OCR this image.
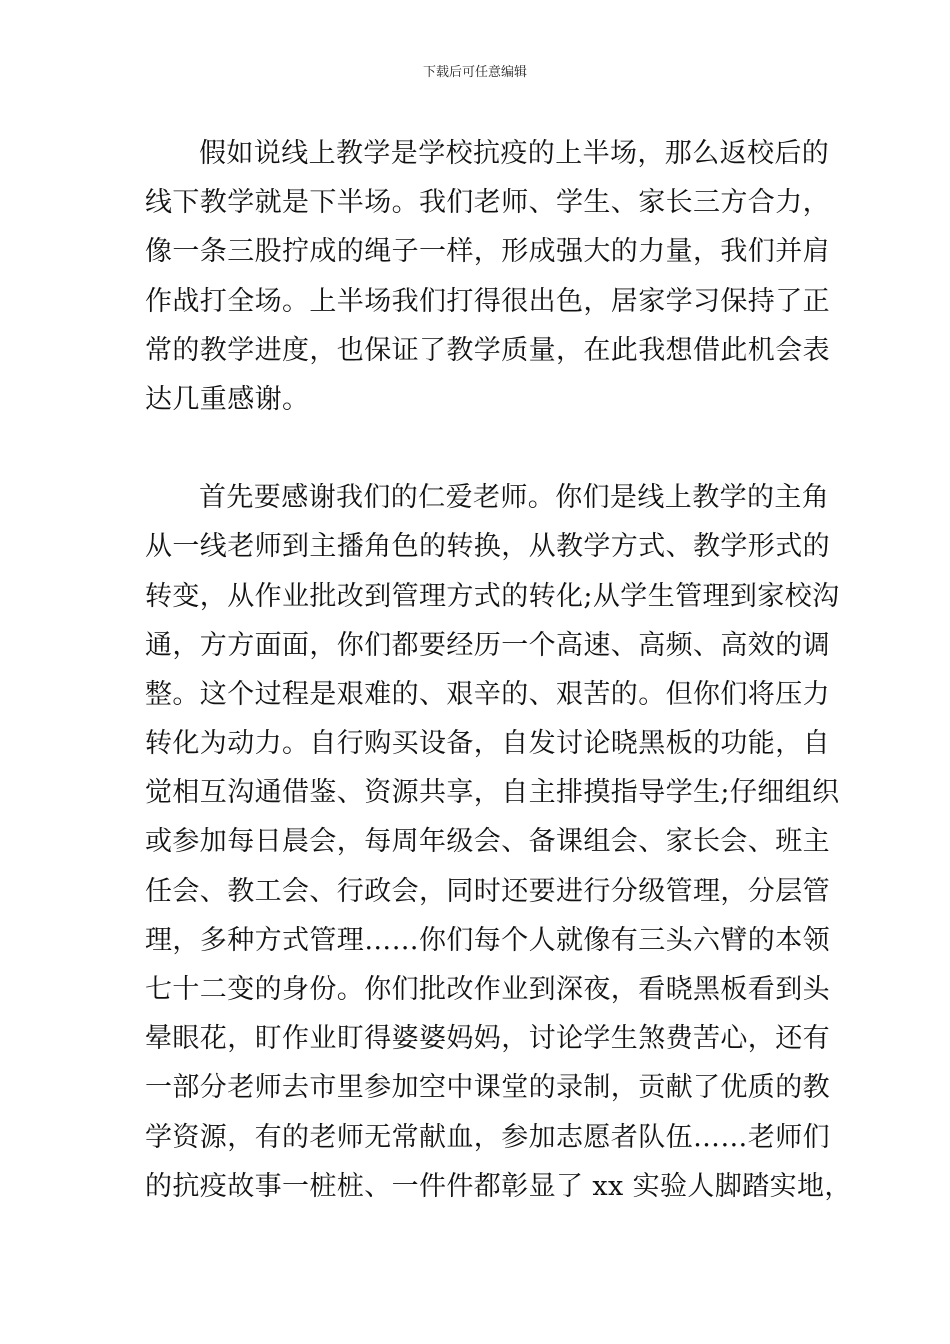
下载后可任意编辑
假如说线上教学是学校抗疫的上半场，那么返校后的
线下教学就是下半场。我们老师、学生、家长三方合力，
像一条三股拧成的绳子一样，形成强大的力量，我们并肩
作战打全场。上半场我们打得很出色，居家学习保持了正
常的教学进度，也保证了教学质量，在此我想借此机会表
达几重感谢。
首先要感谢我们的仁爱老师。你们是线上教学的主角
从一线老师到主播角色的转换，从教学方式、教学形式的
转变，从作业批改到管理方式的转化;从学生管理到家校沟
通，方方面面，你们都要经历一个高速、高频、高效的调
整。这个过程是艰难的、艰辛的、艰苦的。但你们将压力
转化为动力。自行购买设备，自发讨论晓黑板的功能，自
觉相互沟通借鉴、资源共享，自主排摸指导学生;仔细组织
或参加每日晨会，每周年级会、备课组会、家长会、班主
任会、教工会、行政会，同时还要进行分级管理，分层管
理，多种方式管理……你们每个人就像有三头六臂的本领
七十二变的身份。你们批改作业到深夜，看晓黑板看到头
晕眼花，盯作业盯得婆婆妈妈，讨论学生煞费苦心，还有
一部分老师去市里参加空中课堂的录制，贡献了优质的教
学资源，有的老师无常献血，参加志愿者队伍……老师们
的抗疫故事一桩桩、一件件都彰显了 xx 实验人脚踏实地，
